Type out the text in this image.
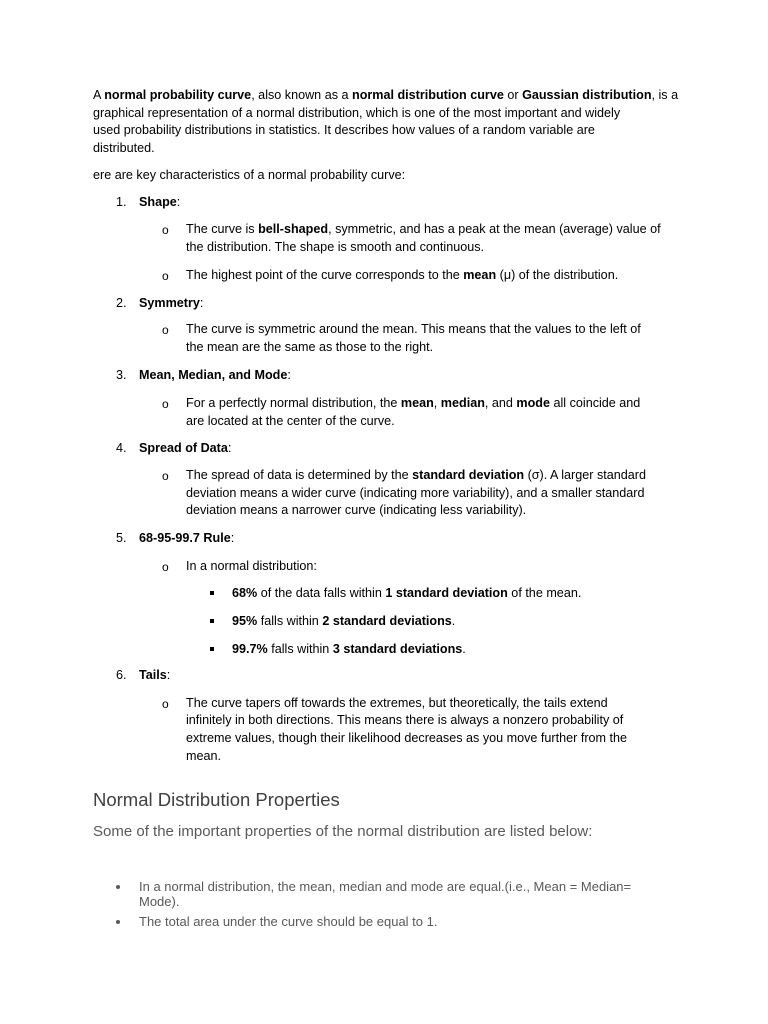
A normal probability curve, also known as a normal distribution curve or Gaussian distribution, is a
graphical representation of a normal distribution, which is one of the most important and widely
used probability distributions in statistics. It describes how values of a random variable are
distributed.
ere are key characteristics of a normal probability curve:
1. Shape:
o The curve is bell-shaped, symmetric, and has a peak at the mean (average) value of
the distribution. The shape is smooth and continuous.
o The highest point of the curve corresponds to the mean (μ) of the distribution.
2. Symmetry:
o The curve is symmetric around the mean. This means that the values to the left of
the mean are the same as those to the right.
3. Mean, Median, and Mode:
o For a perfectly normal distribution, the mean, median, and mode all coincide and
are located at the center of the curve.
4. Spread of Data:
o The spread of data is determined by the standard deviation (σ). A larger standard
deviation means a wider curve (indicating more variability), and a smaller standard
deviation means a narrower curve (indicating less variability).
5. 68-95-99.7 Rule:
o In a normal distribution:
68% of the data falls within 1 standard deviation of the mean.
95% falls within 2 standard deviations.
99.7% falls within 3 standard deviations.
6. Tails:
o The curve tapers off towards the extremes, but theoretically, the tails extend
infinitely in both directions. This means there is always a nonzero probability of
extreme values, though their likelihood decreases as you move further from the
mean.
Normal Distribution Properties
Some of the important properties of the normal distribution are listed below:
In a normal distribution, the mean, median and mode are equal.(i.e., Mean = Median=
Mode).
The total area under the curve should be equal to 1.
